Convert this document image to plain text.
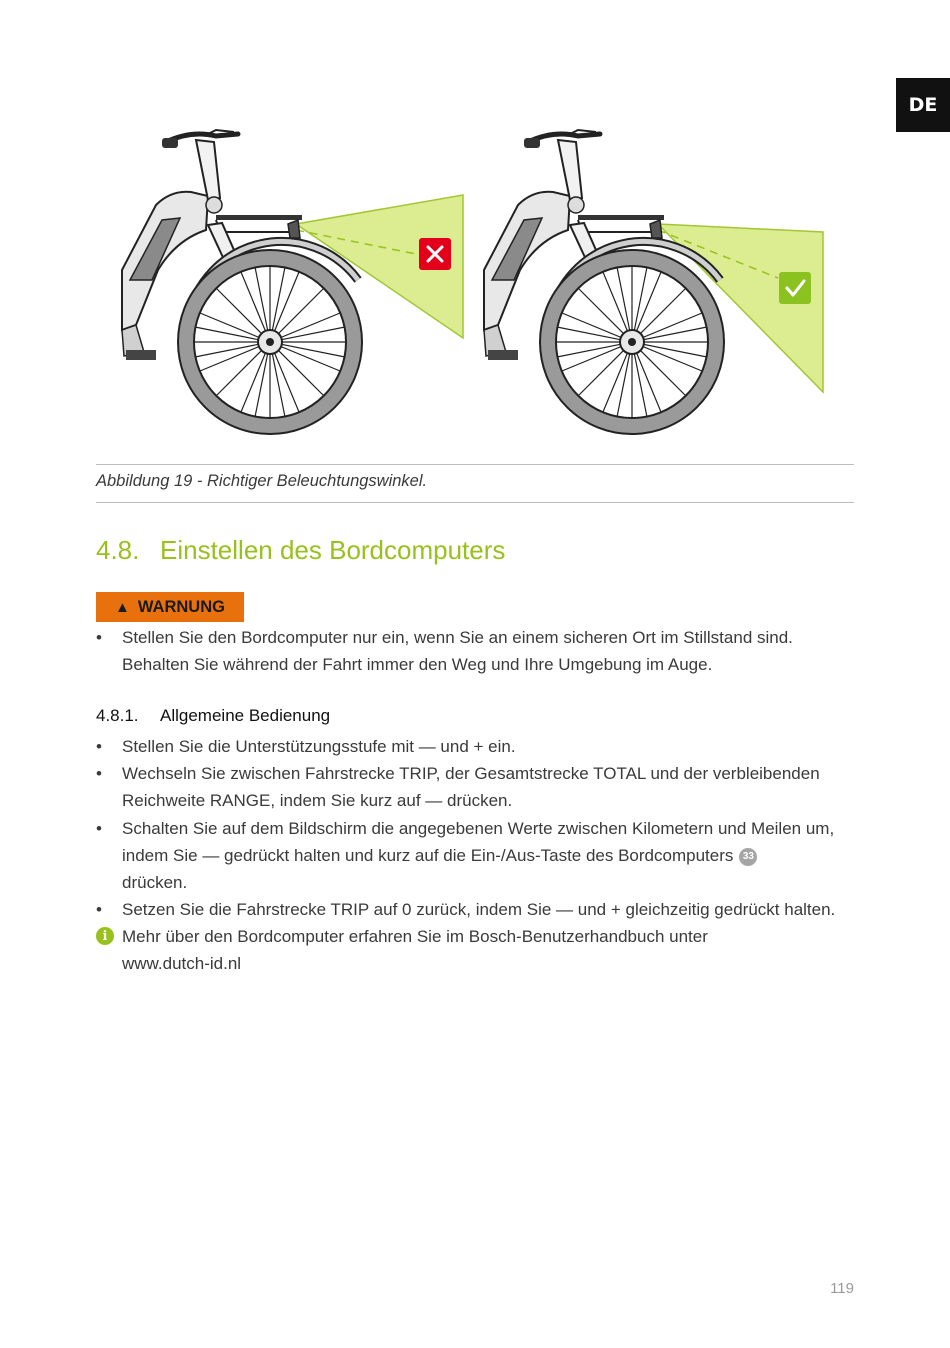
DE
Abbildung 19 - Richtiger Beleuchtungswinkel.
4.8. Einstellen des Bordcomputers
▲ WARNUNG
• Stellen Sie den Bordcomputer nur ein, wenn Sie an einem sicheren Ort im Stillstand sind. Behalten Sie während der Fahrt immer den Weg und Ihre Umgebung im Auge.
4.8.1. Allgemeine Bedienung
• Stellen Sie die Unterstützungsstufe mit — und + ein.
• Wechseln Sie zwischen Fahrstrecke TRIP, der Gesamtstrecke TOTAL und der verbleibenden Reichweite RANGE, indem Sie kurz auf — drücken.
• Schalten Sie auf dem Bildschirm die angegebenen Werte zwischen Kilometern und Meilen um, indem Sie — gedrückt halten und kurz auf die Ein-/Aus-Taste des Bordcomputers 33
drücken.
• Setzen Sie die Fahrstrecke TRIP auf 0 zurück, indem Sie — und + gleichzeitig gedrückt halten.
i Mehr über den Bordcomputer erfahren Sie im Bosch-Benutzerhandbuch unter www.dutch-id.nl
119
